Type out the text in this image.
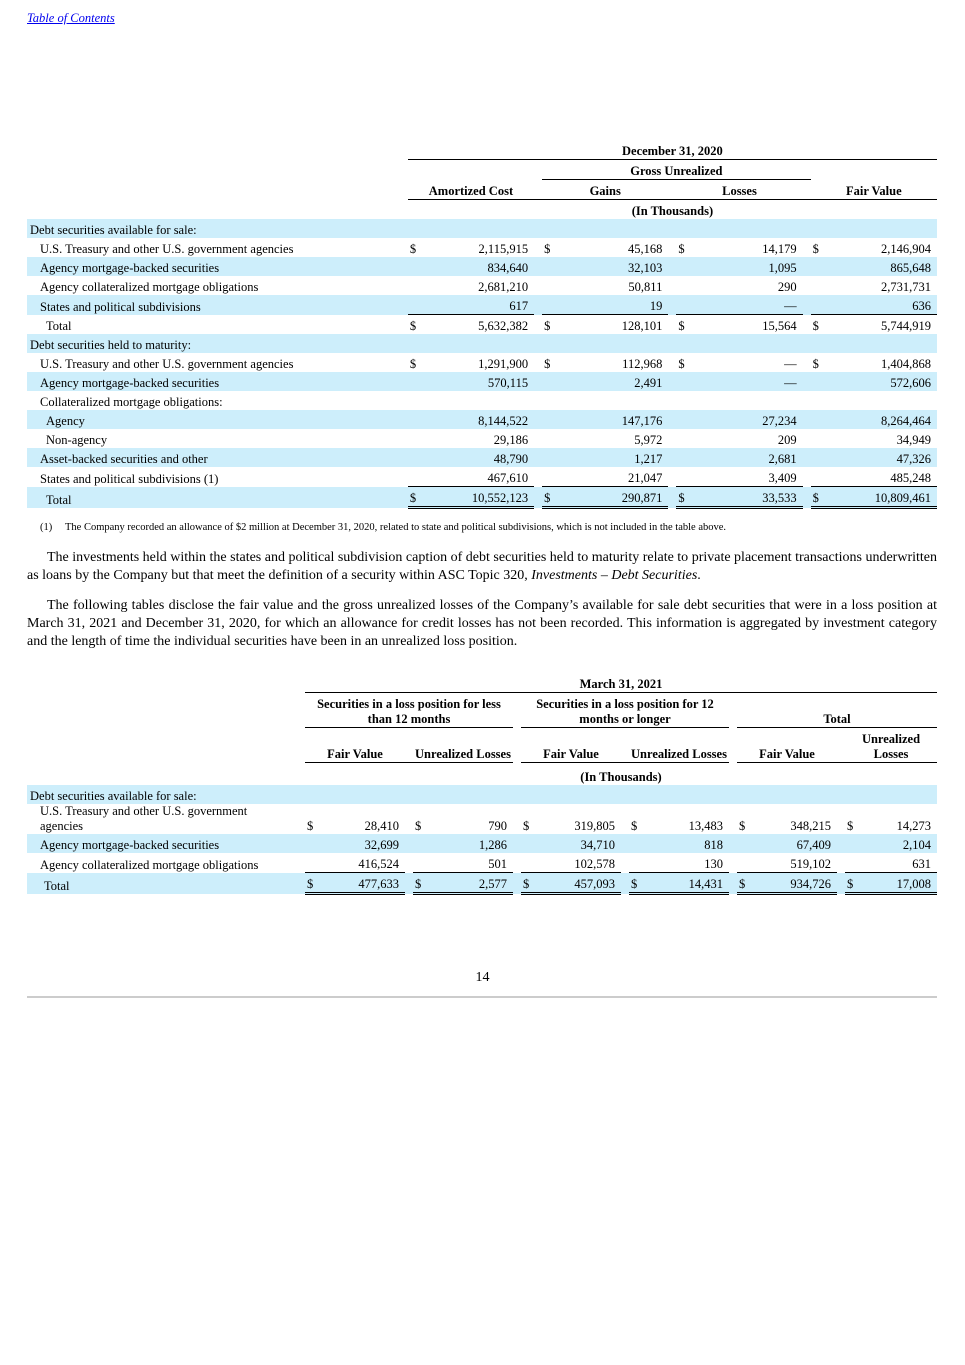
Table of Contents
	December 31, 2020										
				Gross Unrealized							
	Amortized Cost			Gains			Losses			Fair Value	
	(In Thousands)										
Debt securities available for sale:											
U.S. Treasury and other U.S. government agencies	$	2,115,915		$	45,168		$	14,179		$	2,146,904
Agency mortgage-backed securities		834,640			32,103			1,095			865,648
Agency collateralized mortgage obligations		2,681,210			50,811			290			2,731,731
States and political subdivisions		617			19			—			636
Total	$	5,632,382		$	128,101		$	15,564		$	5,744,919
Debt securities held to maturity:											
U.S. Treasury and other U.S. government agencies	$	1,291,900		$	112,968		$	—		$	1,404,868
Agency mortgage-backed securities		570,115			2,491			—			572,606
Collateralized mortgage obligations:											
Agency		8,144,522			147,176			27,234			8,264,464
Non-agency		29,186			5,972			209			34,949
Asset-backed securities and other		48,790			1,217			2,681			47,326
States and political subdivisions (1)		467,610			21,047			3,409			485,248
Total	$	10,552,123		$	290,871		$	33,533		$	10,809,461
(1) The Company recorded an allowance of $2 million at December 31, 2020, related to state and political subdivisions, which is not included in the table above.
The investments held within the states and political subdivision caption of debt securities held to maturity relate to private placement transactions underwritten as loans by the Company but that meet the definition of a security within ASC Topic 320, Investments – Debt Securities.
The following tables disclose the fair value and the gross unrealized losses of the Company’s available for sale debt securities that were in a loss position at March 31, 2021 and December 31, 2020, for which an allowance for credit losses has not been recorded. This information is aggregated by investment category and the length of time the individual securities have been in an unrealized loss position.
	March 31, 2021																
	Securities in a loss position for less than 12 months						Securities in a loss position for 12 months or longer						Total				
	Fair Value			Unrealized Losses			Fair Value			Unrealized Losses			Fair Value			Unrealized Losses	
	(In Thousands)																
Debt securities available for sale:																	
U.S. Treasury and other U.S. government agencies	$	28,410		$	790		$	319,805		$	13,483		$	348,215		$	14,273
Agency mortgage-backed securities		32,699			1,286			34,710			818			67,409			2,104
Agency collateralized mortgage obligations		416,524			501			102,578			130			519,102			631
Total	$	477,633		$	2,577		$	457,093		$	14,431		$	934,726		$	17,008
14
